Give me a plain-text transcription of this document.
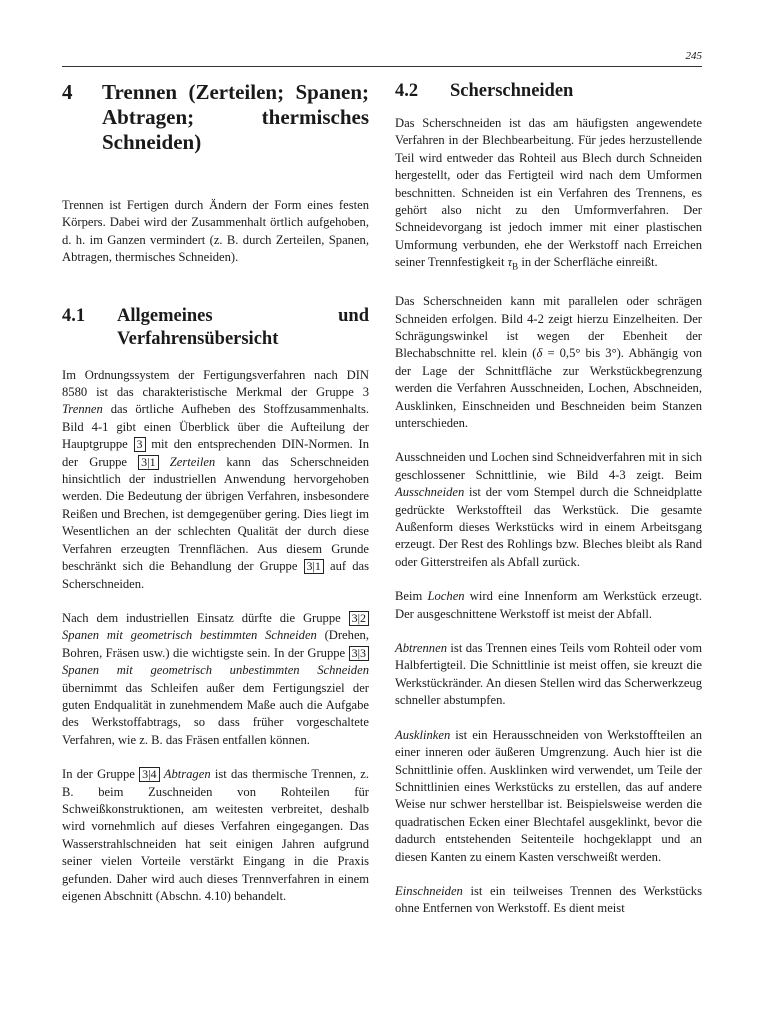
245
4	Trennen (Zerteilen; Spanen; Abtragen; thermisches Schneiden)

Trennen ist Fertigen durch Ändern der Form eines festen Körpers. Dabei wird der Zusammenhalt örtlich aufgehoben, d. h. im Ganzen vermindert (z. B. durch Zerteilen, Spanen, Abtragen, thermisches Schneiden).

4.1	Allgemeines und Verfahrensübersicht

Im Ordnungssystem der Fertigungsverfahren nach DIN 8580 ist das charakteristische Merkmal der Gruppe 3 Trennen das örtliche Aufheben des Stoffzusammenhalts. Bild 4-1 gibt einen Überblick über die Aufteilung der Hauptgruppe 3 mit den entsprechenden DIN-Normen. In der Gruppe 3|1 Zerteilen kann das Scherschneiden hinsichtlich der industriellen Anwendung hervorgehoben werden. Die Bedeutung der übrigen Verfahren, insbesondere Reißen und Brechen, ist demgegenüber gering. Dies liegt im Wesentlichen an der schlechten Qualität der durch diese Verfahren erzeugten Trennflächen. Aus diesem Grunde beschränkt sich die Behandlung der Gruppe 3|1 auf das Scherschneiden.

Nach dem industriellen Einsatz dürfte die Gruppe 3|2 Spanen mit geometrisch bestimmten Schneiden (Drehen, Bohren, Fräsen usw.) die wichtigste sein. In der Gruppe 3|3 Spanen mit geometrisch unbestimmten Schneiden übernimmt das Schleifen außer dem Fertigungsziel der guten Endqualität in zunehmendem Maße auch die Aufgabe des Werkstoffabtrags, so dass früher vorgeschaltete Verfahren, wie z. B. das Fräsen entfallen können.

In der Gruppe 3|4 Abtragen ist das thermische Trennen, z. B. beim Zuschneiden von Rohteilen für Schweißkonstruktionen, am weitesten verbreitet, deshalb wird vornehmlich auf dieses Verfahren eingegangen. Das Wasserstrahlschneiden hat seit einigen Jahren aufgrund seiner vielen Vorteile verstärkt Eingang in die Praxis gefunden. Daher wird auch dieses Trennverfahren in einem eigenen Abschnitt (Abschn. 4.10) behandelt.

4.2	Scherschneiden

Das Scherschneiden ist das am häufigsten angewendete Verfahren in der Blechbearbeitung. Für jedes herzustellende Teil wird entweder das Rohteil aus Blech durch Schneiden hergestellt, oder das Fertigteil wird nach dem Umformen beschnitten. Schneiden ist ein Verfahren des Trennens, es gehört also nicht zu den Umformverfahren. Der Schneidevorgang ist jedoch immer mit einer plastischen Umformung verbunden, ehe der Werkstoff nach Erreichen seiner Trennfestigkeit $\tau_B$ in der Scherfläche einreißt.

Das Scherschneiden kann mit parallelen oder schrägen Schneiden erfolgen. Bild 4-2 zeigt hierzu Einzelheiten. Der Schrägungswinkel ist wegen der Ebenheit der Blechabschnitte rel. klein (δ = 0,5° bis 3°). Abhängig von der Lage der Schnittfläche zur Werkstückbegrenzung werden die Verfahren Ausschneiden, Lochen, Abschneiden, Ausklinken, Einschneiden und Beschneiden beim Stanzen unterschieden.

Ausschneiden und Lochen sind Schneidverfahren mit in sich geschlossener Schnittlinie, wie Bild 4-3 zeigt. Beim Ausschneiden ist der vom Stempel durch die Schneidplatte gedrückte Werkstoffteil das Werkstück. Die gesamte Außenform dieses Werkstücks wird in einem Arbeitsgang erzeugt. Der Rest des Rohlings bzw. Bleches bleibt als Rand oder Gitterstreifen als Abfall zurück.

Beim Lochen wird eine Innenform am Werkstück erzeugt. Der ausgeschnittene Werkstoff ist meist der Abfall.

Abtrennen ist das Trennen eines Teils vom Rohteil oder vom Halbfertigteil. Die Schnittlinie ist meist offen, sie kreuzt die Werkstückränder. An diesen Stellen wird das Scherwerkzeug schneller abstumpfen.

Ausklinken ist ein Herausschneiden von Werkstoffteilen an einer inneren oder äußeren Umgrenzung. Auch hier ist die Schnittlinie offen. Ausklinken wird verwendet, um Teile der Schnittlinien eines Werkstücks zu erstellen, das auf andere Weise nur schwer herstellbar ist. Beispielsweise werden die quadratischen Ecken einer Blechtafel ausgeklinkt, bevor die dadurch entstehenden Seitenteile hochgeklappt und an diesen Kanten zu einem Kasten verschweißt werden.

Einschneiden ist ein teilweises Trennen des Werkstücks ohne Entfernen von Werkstoff. Es dient meist
